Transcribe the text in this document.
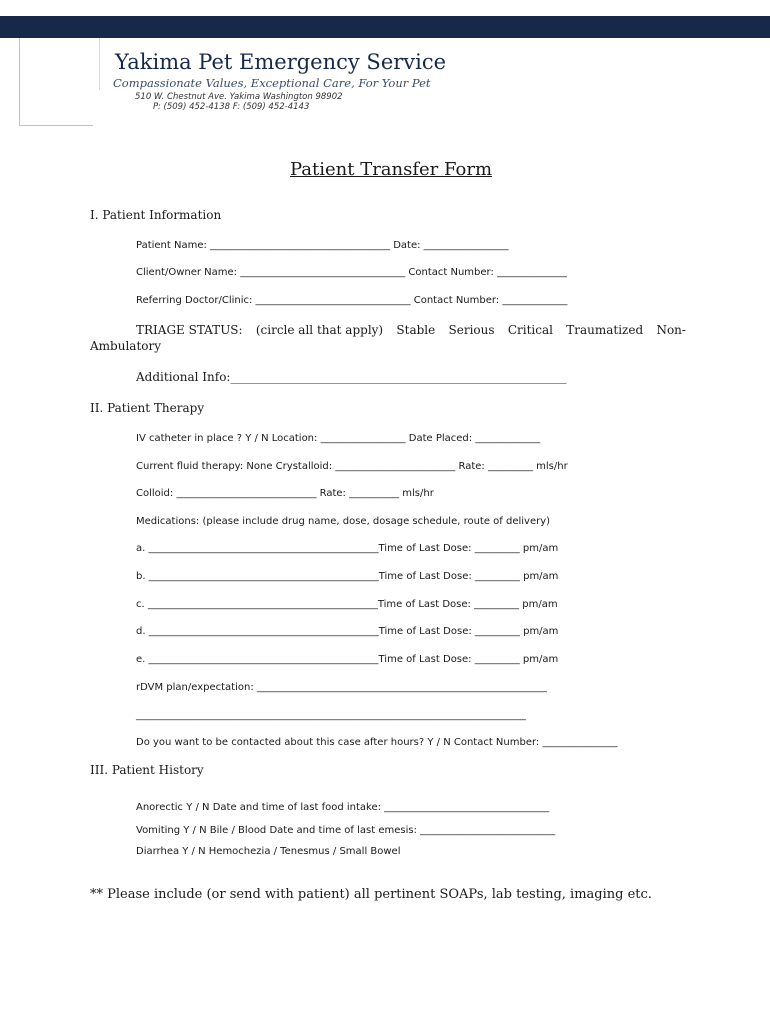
Yakima Pet Emergency Service
Compassionate Values, Exceptional Care, For Your Pet
510 W. Chestnut Ave. Yakima Washington 98902
P: (509) 452-4138 F: (509) 452-4143
Patient Transfer Form
I. Patient Information
Patient Name: ____________________________________ Date: _________________
Client/Owner Name: _________________________________ Contact Number: ______________
Referring Doctor/Clinic: _______________________________ Contact Number: _____________
TRIAGE STATUS: (circle all that apply) Stable Serious Critical Traumatized Non-
Ambulatory
Additional Info:________________________________________________________
II. Patient Therapy
IV catheter in place ? Y / N Location: _________________ Date Placed: _____________
Current fluid therapy: None Crystalloid: ________________________ Rate: _________ mls/hr
Colloid: ____________________________ Rate: __________ mls/hr
Medications: (please include drug name, dose, dosage schedule, route of delivery)
a. ______________________________________________Time of Last Dose: _________ pm/am
b. ______________________________________________Time of Last Dose: _________ pm/am
c. ______________________________________________Time of Last Dose: _________ pm/am
d. ______________________________________________Time of Last Dose: _________ pm/am
e. ______________________________________________Time of Last Dose: _________ pm/am
rDVM plan/expectation: __________________________________________________________
______________________________________________________________________________
Do you want to be contacted about this case after hours? Y / N Contact Number: _______________
III. Patient History
Anorectic Y / N Date and time of last food intake: _________________________________
Vomiting Y / N Bile / Blood Date and time of last emesis: ___________________________
Diarrhea Y / N Hemochezia / Tenesmus / Small Bowel
** Please include (or send with patient) all pertinent SOAPs, lab testing, imaging etc.
